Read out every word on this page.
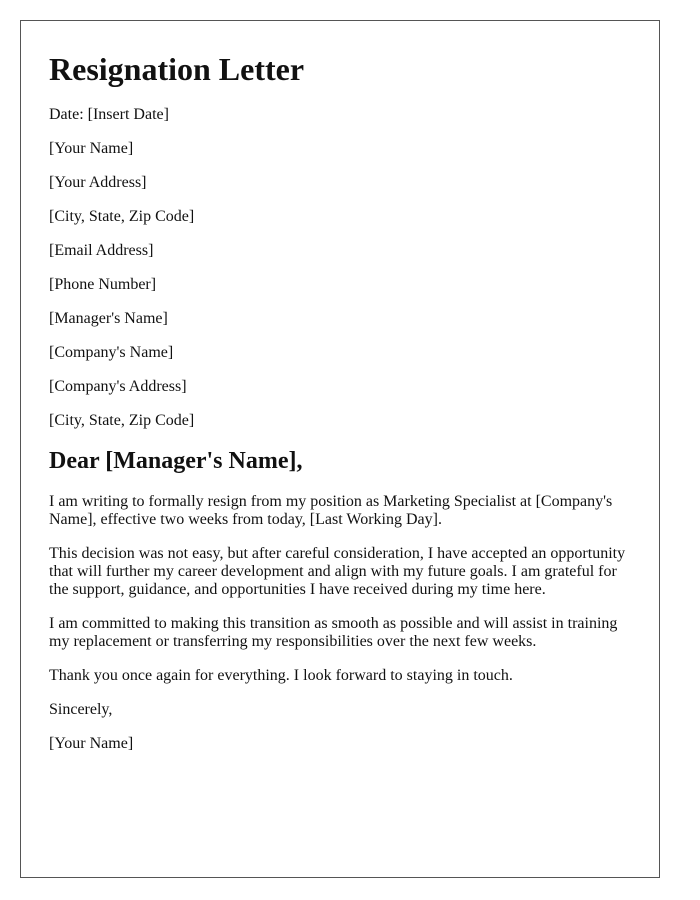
Resignation Letter

Date: [Insert Date]

[Your Name]

[Your Address]

[City, State, Zip Code]

[Email Address]

[Phone Number]

[Manager's Name]

[Company's Name]

[Company's Address]

[City, State, Zip Code]

Dear [Manager's Name],

I am writing to formally resign from my position as Marketing Specialist at [Company's Name], effective two weeks from today, [Last Working Day].

This decision was not easy, but after careful consideration, I have accepted an opportunity that will further my career development and align with my future goals. I am grateful for the support, guidance, and opportunities I have received during my time here.

I am committed to making this transition as smooth as possible and will assist in training my replacement or transferring my responsibilities over the next few weeks.

Thank you once again for everything. I look forward to staying in touch.

Sincerely,

[Your Name]
